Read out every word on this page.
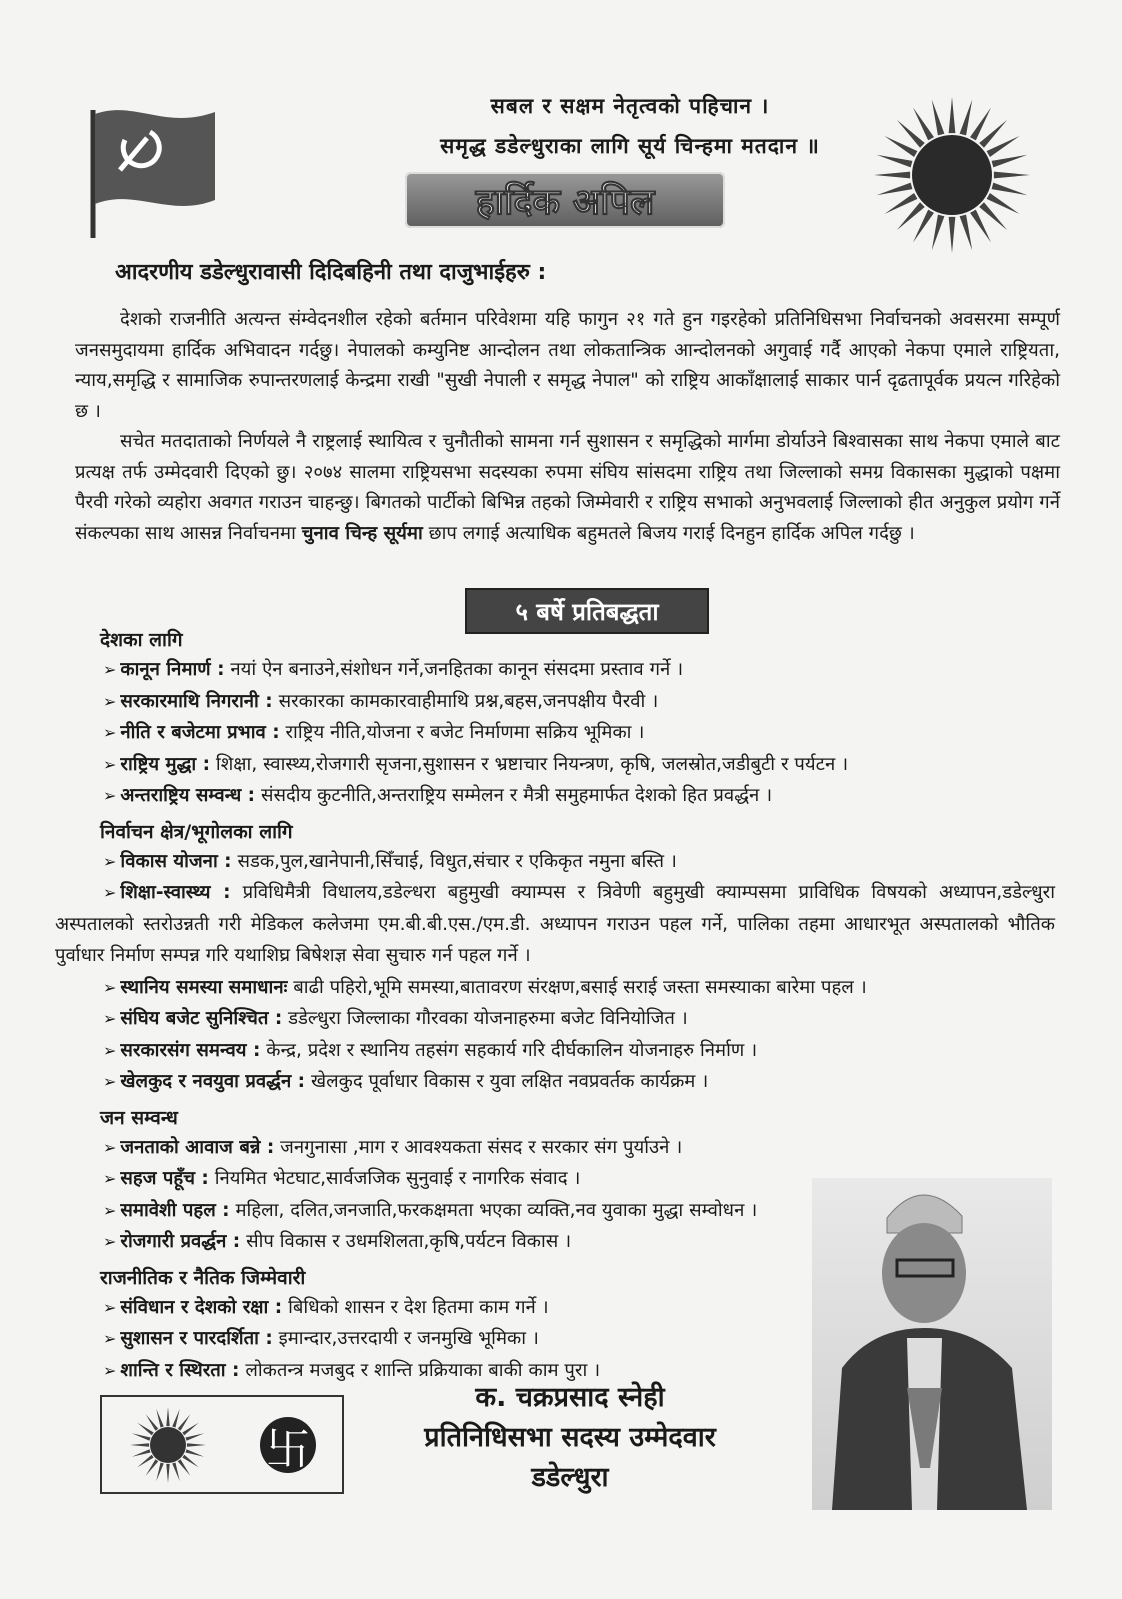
सबल र सक्षम नेतृत्वको पहिचान ।
समृद्ध डडेल्धुराका लागि सूर्य चिन्हमा मतदान ॥
हार्दिक अपिल
आदरणीय डडेल्धुरावासी दिदिबहिनी तथा दाजुभाईहरु :

देशको राजनीति अत्यन्त संम्वेदनशील रहेको बर्तमान परिवेशमा यहि फागुन २१ गते हुन गइरहेको प्रतिनिधिसभा निर्वाचनको अवसरमा सम्पूर्ण जनसमुदायमा हार्दिक अभिवादन गर्दछु। नेपालको कम्युनिष्ट आन्दोलन तथा लोकतान्त्रिक आन्दोलनको अगुवाई गर्दै आएको नेकपा एमाले राष्ट्रियता, न्याय,समृद्धि र सामाजिक रुपान्तरणलाई केन्द्रमा राखी "सुखी नेपाली र समृद्ध नेपाल" को राष्ट्रिय आकाँक्षालाई साकार पार्न दृढतापूर्वक प्रयत्न गरिहेको छ ।

सचेत मतदाताको निर्णयले नै राष्ट्रलाई स्थायित्व र चुनौतीको सामना गर्न सुशासन र समृद्धिको मार्गमा डोर्याउने बिश्वासका साथ नेकपा एमाले बाट प्रत्यक्ष तर्फ उम्मेदवारी दिएको छु। २०७४ सालमा राष्ट्रियसभा सदस्यका रुपमा संघिय सांसदमा राष्ट्रिय तथा जिल्लाको समग्र विकासका मुद्धाको पक्षमा पैरवी गरेको व्यहोरा अवगत गराउन चाहन्छु। बिगतको पार्टीको बिभिन्न तहको जिम्मेवारी र राष्ट्रिय सभाको अनुभवलाई जिल्लाको हीत अनुकुल प्रयोग गर्ने संकल्पका साथ आसन्न निर्वाचनमा चुनाव चिन्ह सूर्यमा छाप लगाई अत्याधिक बहुमतले बिजय गराई दिनहुन हार्दिक अपिल गर्दछु ।

५ बर्षे प्रतिबद्धता
देशका लागि
➢ कानून निमार्ण : नयां ऐन बनाउने,संशोधन गर्ने,जनहितका कानून संसदमा प्रस्ताव गर्ने ।
➢ सरकारमाथि निगरानी : सरकारका कामकारवाहीमाथि प्रश्न,बहस,जनपक्षीय पैरवी ।
➢ नीति र बजेटमा प्रभाव : राष्ट्रिय नीति,योजना र बजेट निर्माणमा सक्रिय भूमिका ।
➢ राष्ट्रिय मुद्धा : शिक्षा, स्वास्थ्य,रोजगारी सृजना,सुशासन र भ्रष्टाचार नियन्त्रण, कृषि, जलस्रोत,जडीबुटी र पर्यटन ।
➢ अन्तराष्ट्रिय सम्वन्ध : संसदीय कुटनीति,अन्तराष्ट्रिय सम्मेलन र मैत्री समुहमार्फत देशको हित प्रवर्द्धन ।
निर्वाचन क्षेत्र/भूगोलका लागि
➢ विकास योजना : सडक,पुल,खानेपानी,सिँचाई, विधुत,संचार र एकिकृत नमुना बस्ति ।
➢ शिक्षा-स्वास्थ्य : प्रविधिमैत्री विधालय,डडेल्धरा बहुमुखी क्याम्पस र त्रिवेणी बहुमुखी क्याम्पसमा प्राविधिक विषयको अध्यापन,डडेल्धुरा अस्पतालको स्तरोउन्नती गरी मेडिकल कलेजमा एम.बी.बी.एस./एम.डी. अध्यापन गराउन पहल गर्ने, पालिका तहमा आधारभूत अस्पतालको भौतिक पुर्वाधार निर्माण सम्पन्न गरि यथाशिघ्र बिषेशज्ञ सेवा सुचारु गर्न पहल गर्ने ।
➢ स्थानिय समस्या समाधानः बाढी पहिरो,भूमि समस्या,बातावरण संरक्षण,बसाई सराई जस्ता समस्याका बारेमा पहल ।
➢ संघिय बजेट सुनिश्चित : डडेल्धुरा जिल्लाका गौरवका योजनाहरुमा बजेट विनियोजित ।
➢ सरकारसंग समन्वय : केन्द्र, प्रदेश र स्थानिय तहसंग सहकार्य गरि दीर्घकालिन योजनाहरु निर्माण ।
➢ खेलकुद र नवयुवा प्रवर्द्धन : खेलकुद पूर्वाधार विकास र युवा लक्षित नवप्रवर्तक कार्यक्रम ।
जन सम्वन्ध
➢ जनताको आवाज बन्ने : जनगुनासा ,माग र आवश्यकता संसद र सरकार संग पुर्याउने ।
➢ सहज पहूँच : नियमित भेटघाट,सार्वजजिक सुनुवाई र नागरिक संवाद ।
➢ समावेशी पहल : महिला, दलित,जनजाति,फरकक्षमता भएका व्यक्ति,नव युवाका मुद्धा सम्वोधन ।
➢ रोजगारी प्रवर्द्धन : सीप विकास र उधमशिलता,कृषि,पर्यटन विकास ।
राजनीतिक र नैतिक जिम्मेवारी
➢ संविधान र देशको रक्षा : बिधिको शासन र देश हितमा काम गर्ने ।
➢ सुशासन र पारदर्शिता : इमान्दार,उत्तरदायी र जनमुखि भूमिका ।
➢ शान्ति र स्थिरता : लोकतन्त्र मजबुद र शान्ति प्रक्रियाका बाकी काम पुरा ।
卐
क. चक्रप्रसाद स्नेही
प्रतिनिधिसभा सदस्य उम्मेदवार
डडेल्धुरा
